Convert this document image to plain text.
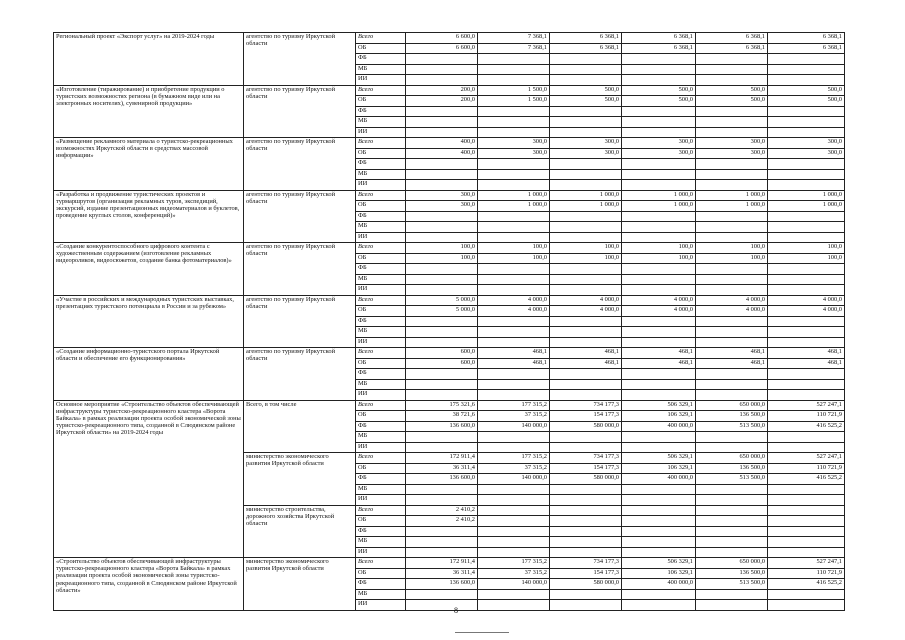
Региональный проект «Экспорт услуг» на 2019-2024 годы	агентство по туризму Иркутской области	Всего	6 600,0	7 368,1	6 368,1	6 368,1	6 368,1	6 368,1
		ОБ	6 600,0	7 368,1	6 368,1	6 368,1	6 368,1	6 368,1
		ФБ						
		МБ						
		ИИ						
«Изготовление (тиражирование) и приобретение продукции о туристских возможностях региона (в бумажном виде или на электронных носителях), сувенирной продукции»	агентство по туризму Иркутской области	Всего	200,0	1 500,0	500,0	500,0	500,0	500,0
		ОБ	200,0	1 500,0	500,0	500,0	500,0	500,0
		ФБ						
		МБ						
		ИИ						
«Размещение рекламного материала о туристско-рекреационных возможностях Иркутской области в средствах массовой информации»	агентство по туризму Иркутской области	Всего	400,0	300,0	300,0	300,0	300,0	300,0
		ОБ	400,0	300,0	300,0	300,0	300,0	300,0
		ФБ						
		МБ						
		ИИ						
«Разработка и продвижение туристических проектов и турмаршрутов (организация рекламных туров, экспедиций, экскурсий, издание презентационных видеоматериалов и буклетов, проведение круглых столов, конференций)»	агентство по туризму Иркутской области	Всего	300,0	1 000,0	1 000,0	1 000,0	1 000,0	1 000,0
		ОБ	300,0	1 000,0	1 000,0	1 000,0	1 000,0	1 000,0
		ФБ						
		МБ						
		ИИ						
«Создание конкурентоспособного цифрового контента с художественным содержанием (изготовление рекламных видеороликов, видеосюжетов, создание банка фотоматериалов)»	агентство по туризму Иркутской области	Всего	100,0	100,0	100,0	100,0	100,0	100,0
		ОБ	100,0	100,0	100,0	100,0	100,0	100,0
		ФБ						
		МБ						
		ИИ						
«Участие в российских и международных туристских выставках, презентациях туристского потенциала в России и за рубежом»	агентство по туризму Иркутской области	Всего	5 000,0	4 000,0	4 000,0	4 000,0	4 000,0	4 000,0
		ОБ	5 000,0	4 000,0	4 000,0	4 000,0	4 000,0	4 000,0
		ФБ						
		МБ						
		ИИ						
«Создание информационно-туристского портала Иркутской области и обеспечение его функционирования»	агентство по туризму Иркутской области	Всего	600,0	468,1	468,1	468,1	468,1	468,1
		ОБ	600,0	468,1	468,1	468,1	468,1	468,1
		ФБ						
		МБ						
		ИИ						
Основное мероприятие «Строительство объектов обеспечивающей инфраструктуры туристско-рекреационного кластера «Ворота Байкала» в рамках реализации проекта особой экономической зоны туристско-рекреационного типа, созданной в Слюдянском районе Иркутской области» на 2019-2024 годы	Всего, в том числе	Всего	175 321,6	177 315,2	734 177,3	506 329,1	650 000,0	527 247,1
		ОБ	38 721,6	37 315,2	154 177,3	106 329,1	136 500,0	110 721,9
		ФБ	136 600,0	140 000,0	580 000,0	400 000,0	513 500,0	416 525,2
		МБ						
		ИИ						
	министерство экономического развития Иркутской области	Всего	172 911,4	177 315,2	734 177,3	506 329,1	650 000,0	527 247,1
		ОБ	36 311,4	37 315,2	154 177,3	106 329,1	136 500,0	110 721,9
		ФБ	136 600,0	140 000,0	580 000,0	400 000,0	513 500,0	416 525,2
		МБ						
		ИИ						
	министерство строительства, дорожного хозяйства Иркутской области	Всего	2 410,2					
		ОБ	2 410,2					
		ФБ						
		МБ						
		ИИ						
«Строительство объектов обеспечивающей инфраструктуры туристско-рекреационного кластера «Ворота Байкала» в рамках реализации проекта особой экономической зоны туристско-рекреационного типа, созданной в Слюдянском районе Иркутской области»	министерство экономического развития Иркутской области	Всего	172 911,4	177 315,2	734 177,3	506 329,1	650 000,0	527 247,1
		ОБ	36 311,4	37 315,2	154 177,3	106 329,1	136 500,0	110 721,9
		ФБ	136 600,0	140 000,0	580 000,0	400 000,0	513 500,0	416 525,2
		МБ						
		ИИ						
8
